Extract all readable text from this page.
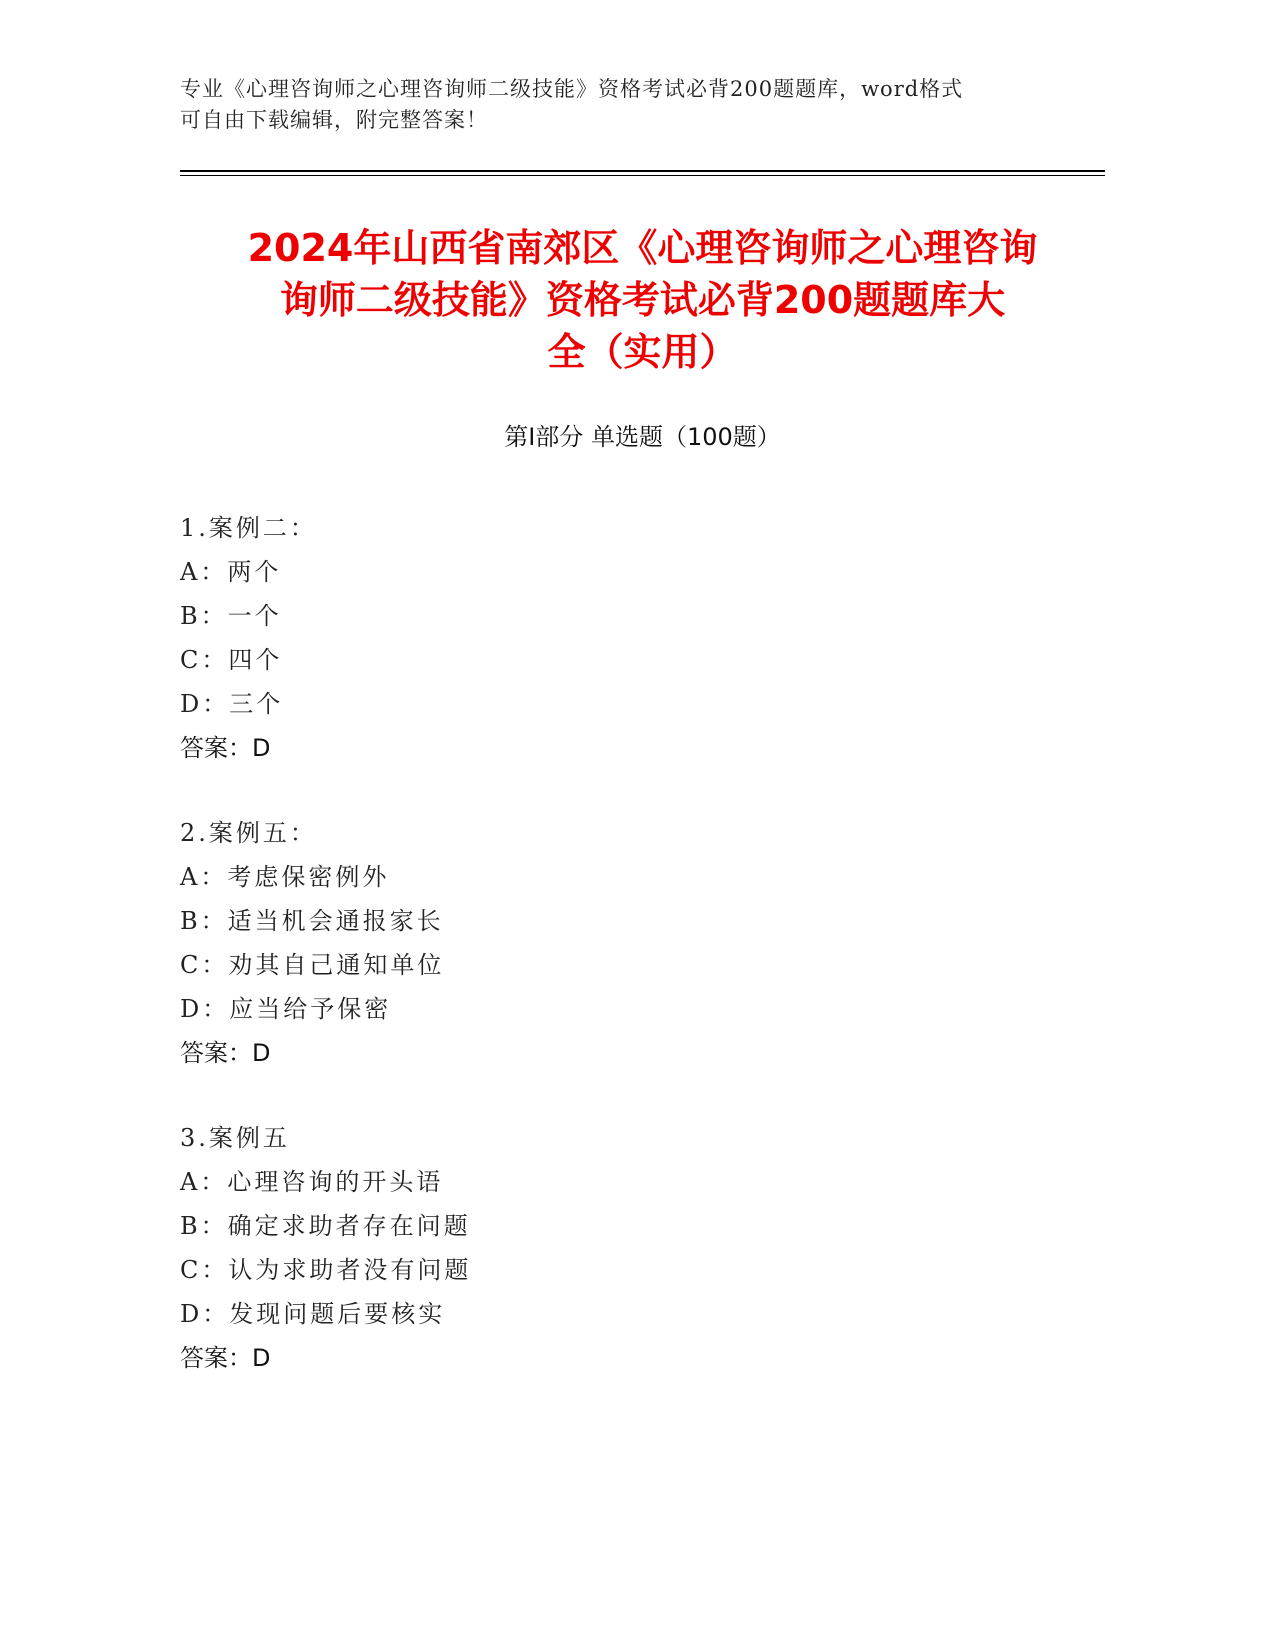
专业《心理咨询师之心理咨询师二级技能》资格考试必背200题题库，word格式
可自由下载编辑，附完整答案！
2024年山西省南郊区《心理咨询师之心理咨询
询师二级技能》资格考试必背200题题库大
全（实用）
第Ⅰ部分 单选题（100题）
1.案例二：
A：两个
B：一个
C：四个
D：三个
答案：D
2.案例五：
A：考虑保密例外
B：适当机会通报家长
C：劝其自己通知单位
D：应当给予保密
答案：D
3.案例五
A：心理咨询的开头语
B：确定求助者存在问题
C：认为求助者没有问题
D：发现问题后要核实
答案：D
